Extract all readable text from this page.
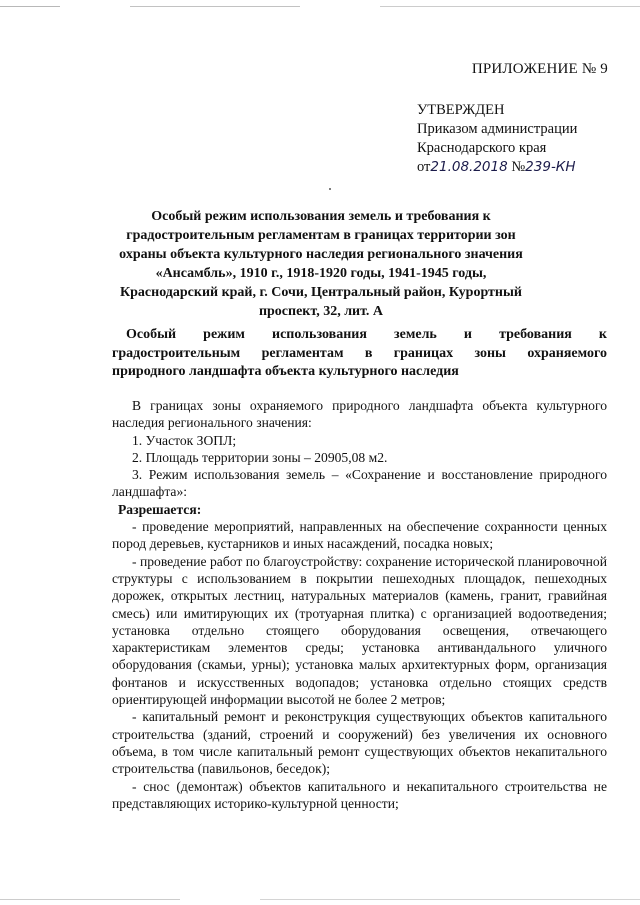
ПРИЛОЖЕНИЕ № 9
УТВЕРЖДЕН
Приказом администрации
Краснодарского края
от21.08.2018 №239-КН
Особый режим использования земель и требования к градостроительным регламентам в границах территории зон охраны объекта культурного наследия регионального значения «Ансамбль», 1910 г., 1918-1920 годы, 1941-1945 годы, Краснодарский край, г. Сочи, Центральный район, Курортный проспект, 32, лит. А
Особый режим использования земель и требования к
градостроительным регламентам в границах зоны охраняемого
природного ландшафта объекта культурного наследия
В границах зоны охраняемого природного ландшафта объекта культурного наследия регионального значения:
1. Участок ЗОПЛ;
2. Площадь территории зоны – 20905,08 м2.
3. Режим использования земель – «Сохранение и восстановление природного ландшафта»:
Разрешается:
- проведение мероприятий, направленных на обеспечение сохранности ценных пород деревьев, кустарников и иных насаждений, посадка новых;
- проведение работ по благоустройству: сохранение исторической планировочной структуры с использованием в покрытии пешеходных площадок, пешеходных дорожек, открытых лестниц, натуральных материалов (камень, гранит, гравийная смесь) или имитирующих их (тротуарная плитка) с организацией водоотведения; установка отдельно стоящего оборудования освещения, отвечающего характеристикам элементов среды; установка антивандального уличного оборудования (скамьи, урны); установка малых архитектурных форм, организация фонтанов и искусственных водопадов; установка отдельно стоящих средств ориентирующей информации высотой не более 2 метров;
- капитальный ремонт и реконструкция существующих объектов капитального строительства (зданий, строений и сооружений) без увеличения их основного объема, в том числе капитальный ремонт существующих объектов некапитального строительства (павильонов, беседок);
- снос (демонтаж) объектов капитального и некапитального строительства не представляющих историко-культурной ценности;
